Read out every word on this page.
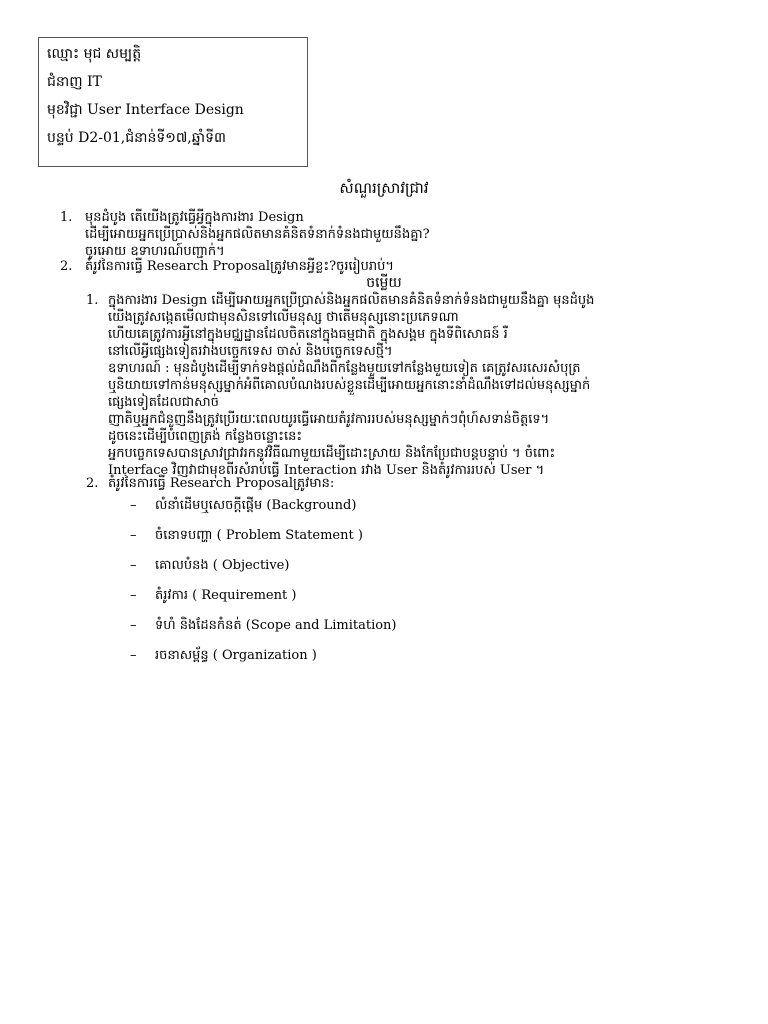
ឈ្មោះ មុជ សម្បត្តិ
ជំនាញ IT
មុខវិជ្ជា User Interface Design
បន្ទប់ D2-01,ជំនាន់ទី១៧,ឆ្នាំទី៣
សំណួរស្រាវជ្រាវ
1. មុនដំបូង តើយើងត្រូវធ្វើអ្វីក្នុងការងារ Design
ដើម្បីអោយអ្នកប្រើប្រាស់និងអ្នកផលិតមានគំនិតទំនាក់ទំនងជាមួយនឹងគ្នា?
ចូរអោយ ឧទាហរណ៍បញ្ជាក់។
2. តំរូវនៃការធ្វើ Research Proposalត្រូវមានអ្វីខ្លះ?ចូររៀបរាប់។
ចម្លើយ
1. ក្នុងការងារ Design ដើម្បីអោយអ្នកប្រើប្រាស់និងអ្នកផលិតមានគំនិតទំនាក់ទំនងជាមួយនឹងគ្នា មុនដំបូង
យើងត្រូវសង្កេតមើលជាមុនសិនទៅលើមនុស្ស ថាតើមនុស្សនោះប្រភេទណា
ហើយគេត្រូវការអ្វីនៅក្នុងមជ្ឈដ្ឋានដែលចិតនៅក្នុងធម្មជាតិ ក្នុងសង្គម ក្នុងទីពិសោធន៍ រឺ
នៅលើអ្វីផ្សេងទៀតរវាងបច្ចេកទេស ចាស់ និងបច្ចេកទេសថ្មី។
ឧទាហរណ៍ : មុនដំបូងដើម្បីទាក់ទងផ្តល់ដំណឹងពីកន្លែងមួយទៅកន្លែងមួយទៀត គេត្រូវសរសេរសំបុត្រ
ឬនិយាយទៅកាន់មនុស្សម្នាក់អំពីគោលបំណងរបស់ខ្លួនដើម្បីអោយអ្នកនោះនាំដំណឹងទៅដល់មនុស្សម្នាក់
ផ្សេងទៀតដែលជាសាច់
ញាតិឬអ្នកជំនួញនឹងត្រូវប្រើរយៈពេលយូរធ្វើអោយតំរូវការរបស់មនុស្សម្នាក់ៗពុំហ៍សទាន់ចិត្តទេ។
ដូចនេះដើម្បីបំពេញត្រង់ កន្លែងចន្លោះនេះ
អ្នកបច្ចេកទេសបានស្រាវជ្រាវរកនូវវិធីណាមួយដើម្បីដោះស្រាយ និងកែប្រែជាបន្តបន្ទាប់ ។ ចំពោះ
Interface វិញវាជាមុខពីរសំរាប់ធ្វើ Interaction រវាង User និងតំរូវការរបស់ User ។
2. តំរូវនៃការធ្វើ Research Proposalត្រូវមាន:
– លំនាំដើមឬសេចក្តីផ្តើម (Background)
– ចំនោទបញ្ហា ( Problem Statement )
– គោលបំនង ( Objective)
– តំរូវការ ( Requirement )
– ទំហំ និងដែនកំនត់ (Scope and Limitation)
– រចនាសម្ព័ន្ធ ( Organization )
